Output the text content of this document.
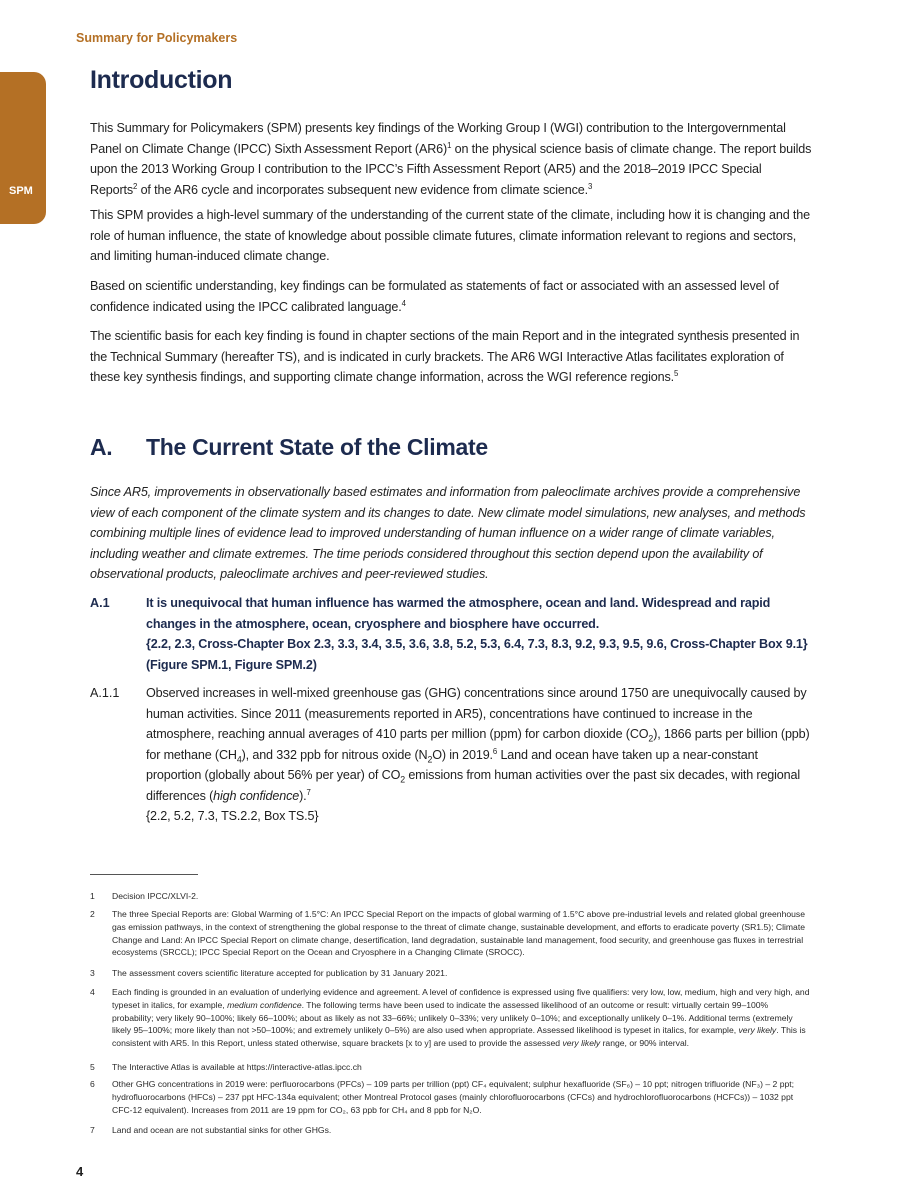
Summary for Policymakers
SPM
Introduction

This Summary for Policymakers (SPM) presents key findings of the Working Group I (WGI) contribution to the Intergovernmental Panel on Climate Change (IPCC) Sixth Assessment Report $(AR6)^1$ on the physical science basis of climate change. The report builds upon the 2013 Working Group I contribution to the IPCC’s Fifth Assessment Report (AR5) and the 2018–2019 IPCC Special Reports$^2$ of the AR6 cycle and incorporates subsequent new evidence from climate science.$^3$

This SPM provides a high-level summary of the understanding of the current state of the climate, including how it is changing and the role of human influence, the state of knowledge about possible climate futures, climate information relevant to regions and sectors, and limiting human-induced climate change.

Based on scientific understanding, key findings can be formulated as statements of fact or associated with an assessed level of confidence indicated using the IPCC calibrated language.$^4$

The scientific basis for each key finding is found in chapter sections of the main Report and in the integrated synthesis presented in the Technical Summary (hereafter TS), and is indicated in curly brackets. The AR6 WGI Interactive Atlas facilitates exploration of these key synthesis findings, and supporting climate change information, across the WGI reference regions.$^5$

A. The Current State of the Climate

Since AR5, improvements in observationally based estimates and information from paleoclimate archives provide a comprehensive view of each component of the climate system and its changes to date. New climate model simulations, new analyses, and methods combining multiple lines of evidence lead to improved understanding of human influence on a wider range of climate variables, including weather and climate extremes. The time periods considered throughout this section depend upon the availability of observational products, paleoclimate archives and peer-reviewed studies.

A.1	It is unequivocal that human influence has warmed the atmosphere, ocean and land. Widespread and rapid changes in the atmosphere, ocean, cryosphere and biosphere have occurred.
{2.2, 2.3, Cross-Chapter Box 2.3, 3.3, 3.4, 3.5, 3.6, 3.8, 5.2, 5.3, 6.4, 7.3, 8.3, 9.2, 9.3, 9.5, 9.6, Cross-Chapter Box 9.1} (Figure SPM.1, Figure SPM.2)

A.1.1 Observed increases in well-mixed greenhouse gas (GHG) concentrations since around 1750 are unequivocally caused by human activities. Since 2011 (measurements reported in AR5), concentrations have continued to increase in the atmosphere, reaching annual averages of 410 parts per million (ppm) for carbon dioxide $(CO_2)$, 1866 parts per billion (ppb) for methane $(CH_4)$, and 332 ppb for nitrous oxide $(N_2O)$ in 2019.$^6$ Land and ocean have taken up a near-constant proportion (globally about 56% per year) of $CO_2$ emissions from human activities over the past six decades, with regional differences (high confidence).$^7$
{2.2, 5.2, 7.3, TS.2.2, Box TS.5}

1 Decision IPCC/XLVI-2.
2 The three Special Reports are: Global Warming of 1.5°C: An IPCC Special Report on the impacts of global warming of 1.5°C above pre-industrial levels and related global greenhouse gas emission pathways, in the context of strengthening the global response to the threat of climate change, sustainable development, and efforts to eradicate poverty (SR1.5); Climate Change and Land: An IPCC Special Report on climate change, desertification, land degradation, sustainable land management, food security, and greenhouse gas fluxes in terrestrial ecosystems (SRCCL); IPCC Special Report on the Ocean and Cryosphere in a Changing Climate (SROCC).
3 The assessment covers scientific literature accepted for publication by 31 January 2021.
4 Each finding is grounded in an evaluation of underlying evidence and agreement. A level of confidence is expressed using five qualifiers: very low, low, medium, high and very high, and typeset in italics, for example, medium confidence. The following terms have been used to indicate the assessed likelihood of an outcome or result: virtually certain 99–100% probability; very likely 90–100%; likely 66–100%; about as likely as not 33–66%; unlikely 0–33%; very unlikely 0–10%; and exceptionally unlikely 0–1%. Additional terms (extremely likely 95–100%; more likely than not >50–100%; and extremely unlikely 0–5%) are also used when appropriate. Assessed likelihood is typeset in italics, for example, very likely. This is consistent with AR5. In this Report, unless stated otherwise, square brackets [x to y] are used to provide the assessed very likely range, or 90% interval.
5 The Interactive Atlas is available at https://interactive-atlas.ipcc.ch
6 Other GHG concentrations in 2019 were: perfluorocarbons (PFCs) – 109 parts per trillion (ppt) CF₄ equivalent; sulphur hexafluoride (SF₆) – 10 ppt; nitrogen trifluoride (NF₃) – 2 ppt; hydrofluorocarbons (HFCs) – 237 ppt HFC-134a equivalent; other Montreal Protocol gases (mainly chlorofluorocarbons (CFCs) and hydrochlorofluorocarbons (HCFCs)) – 1032 ppt CFC-12 equivalent). Increases from 2011 are 19 ppm for CO₂, 63 ppb for CH₄ and 8 ppb for N₂O.
7 Land and ocean are not substantial sinks for other GHGs.
4
